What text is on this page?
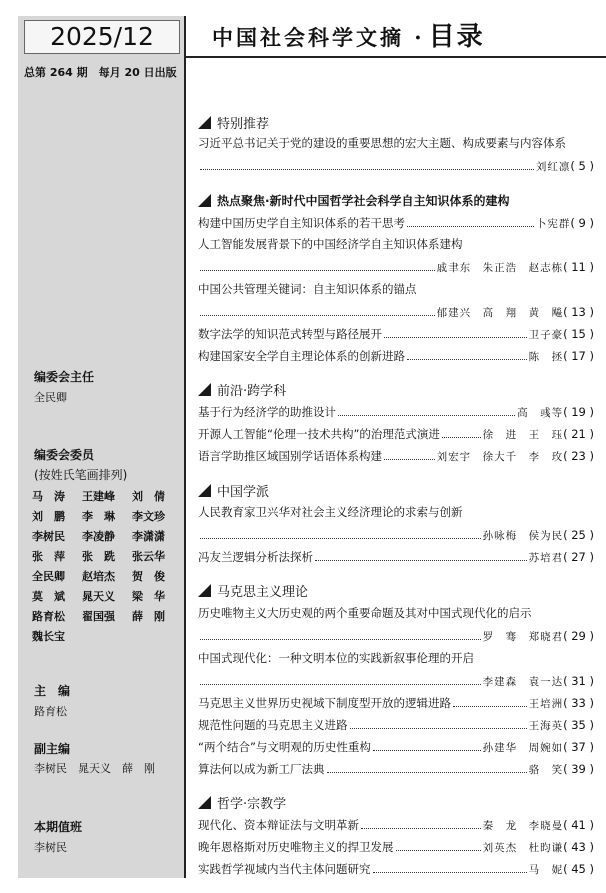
2025/12
总第 264 期　每月 20 日出版
编委会主任
全民卿
编委会委员
(按姓氏笔画排列)
马　涛	王建峰	刘　倩
刘　鹏	李　琳	李文珍
李树民	李凌静	李潇潇
张　萍	张　跣	张云华
全民卿	赵培杰	贺　俊
莫　斌	晁天义	梁　华
路育松	翟国强	薛　刚
魏长宝
主　编
路育松
副主编
李树民　晁天义　薛　刚
本期值班
李树民
中国社会科学文摘 · 目录
特别推荐
习近平总书记关于党的建设的重要思想的宏大主题、构成要素与内容体系
刘红凛 ( 5 )
热点聚焦·新时代中国哲学社会科学自主知识体系的建构
构建中国历史学自主知识体系的若干思考	卜宪群 ( 9 )
人工智能发展背景下的中国经济学自主知识体系建构
戚聿东　朱正浩　赵志栋 ( 11 )
中国公共管理关键词：自主知识体系的锚点
郁建兴　高　翔　黄　飚 ( 13 )
数字法学的知识范式转型与路径展开	卫子豪 ( 15 )
构建国家安全学自主理论体系的创新进路	陈　拯 ( 17 )
前沿·跨学科
基于行为经济学的助推设计	高　彧等 ( 19 )
开源人工智能“伦理一技术共构”的治理范式演进	徐　进　王　珏 ( 21 )
语言学助推区域国别学话语体系构建	刘宏宇　徐大千　李　玫 ( 23 )
中国学派
人民教育家卫兴华对社会主义经济理论的求索与创新
孙咏梅　侯为民 ( 25 )
冯友兰逻辑分析法探析	苏培君 ( 27 )
马克思主义理论
历史唯物主义大历史观的两个重要命题及其对中国式现代化的启示
罗　骞　郑晓君 ( 29 )
中国式现代化：一种文明本位的实践新叙事伦理的开启
李建森　袁一达 ( 31 )
马克思主义世界历史视域下制度型开放的逻辑进路	王培洲 ( 33 )
规范性问题的马克思主义进路	王海英 ( 35 )
“两个结合”与文明观的历史性重构	孙建华　周婉如 ( 37 )
算法何以成为新工厂法典	骆　笑 ( 39 )
哲学·宗教学
现代化、资本辩证法与文明革新	秦　龙　李晓曼 ( 41 )
晚年恩格斯对历史唯物主义的捍卫发展	刘英杰　杜昀谦 ( 43 )
实践哲学视域内当代主体问题研究	马　妮 ( 45 )
